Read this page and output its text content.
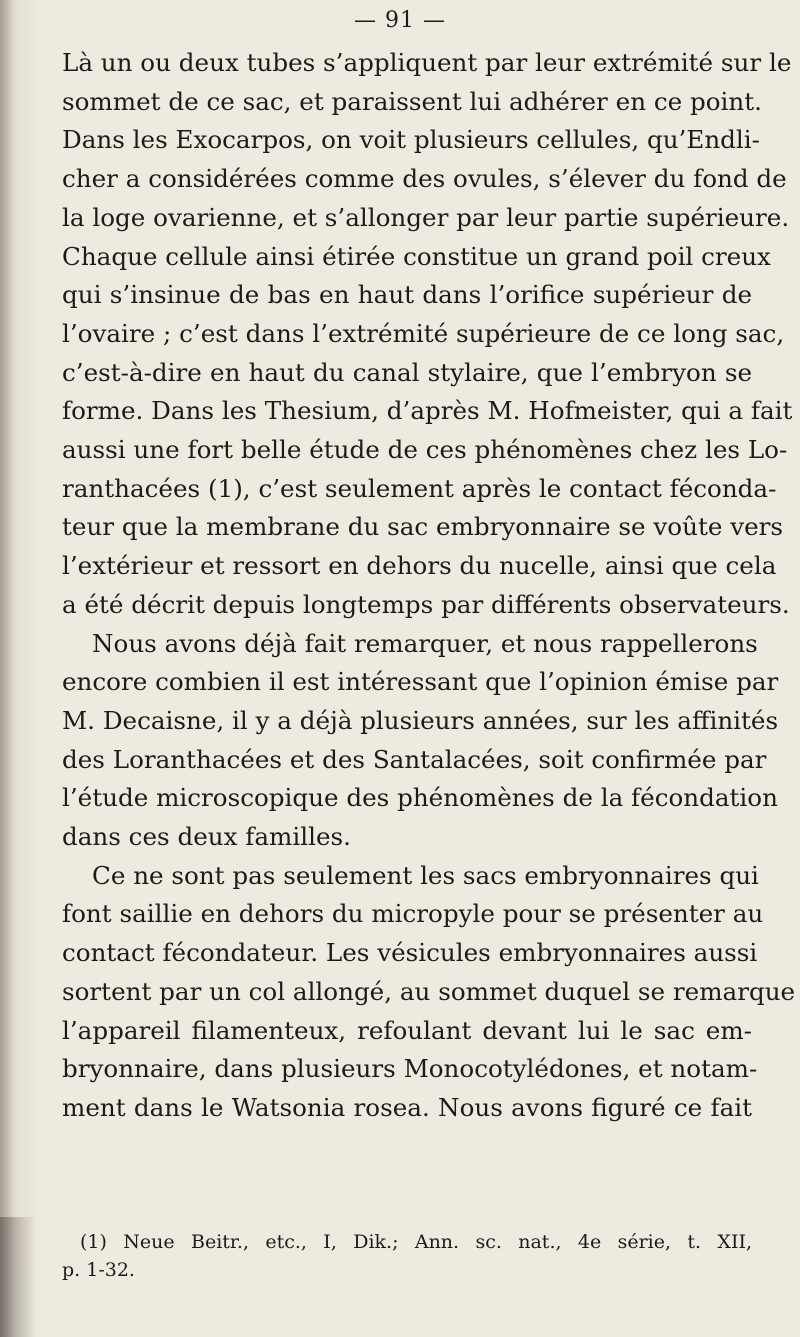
— 91 —
Là un ou deux tubes s’appliquent par leur extrémité sur le
sommet de ce sac, et paraissent lui adhérer en ce point.
Dans les Exocarpos, on voit plusieurs cellules, qu’Endli-
cher a considérées comme des ovules, s’élever du fond de
la loge ovarienne, et s’allonger par leur partie supérieure.
Chaque cellule ainsi étirée constitue un grand poil creux
qui s’insinue de bas en haut dans l’orifice supérieur de
l’ovaire ; c’est dans l’extrémité supérieure de ce long sac,
c’est-à-dire en haut du canal stylaire, que l’embryon se
forme. Dans les Thesium, d’après M. Hofmeister, qui a fait
aussi une fort belle étude de ces phénomènes chez les Lo-
ranthacées (1), c’est seulement après le contact féconda-
teur que la membrane du sac embryonnaire se voûte vers
l’extérieur et ressort en dehors du nucelle, ainsi que cela
a été décrit depuis longtemps par différents observateurs.
Nous avons déjà fait remarquer, et nous rappellerons
encore combien il est intéressant que l’opinion émise par
M. Decaisne, il y a déjà plusieurs années, sur les affinités
des Loranthacées et des Santalacées, soit confirmée par
l’étude microscopique des phénomènes de la fécondation
dans ces deux familles.
Ce ne sont pas seulement les sacs embryonnaires qui
font saillie en dehors du micropyle pour se présenter au
contact fécondateur. Les vésicules embryonnaires aussi
sortent par un col allongé, au sommet duquel se remarque
l’appareil filamenteux, refoulant devant lui le sac em-
bryonnaire, dans plusieurs Monocotylédones, et notam-
ment dans le Watsonia rosea. Nous avons figuré ce fait
(1) Neue Beitr., etc., I, Dik.; Ann. sc. nat., 4e série, t. XII,
p. 1-32.
